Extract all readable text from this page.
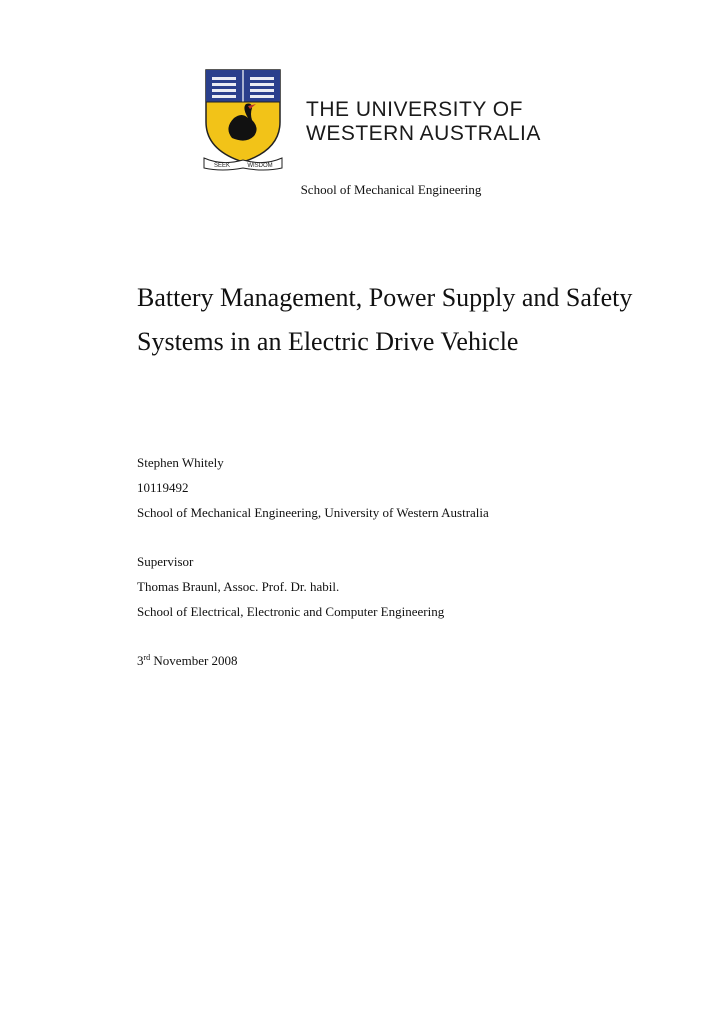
SEEK	WISDOM
THE UNIVERSITY OF
WESTERN AUSTRALIA
School of Mechanical Engineering
Battery Management, Power Supply and Safety
Systems in an Electric Drive Vehicle
Stephen Whitely
10119492
School of Mechanical Engineering, University of Western Australia
Supervisor
Thomas Braunl, Assoc. Prof. Dr. habil.
School of Electrical, Electronic and Computer Engineering
3rd November 2008
